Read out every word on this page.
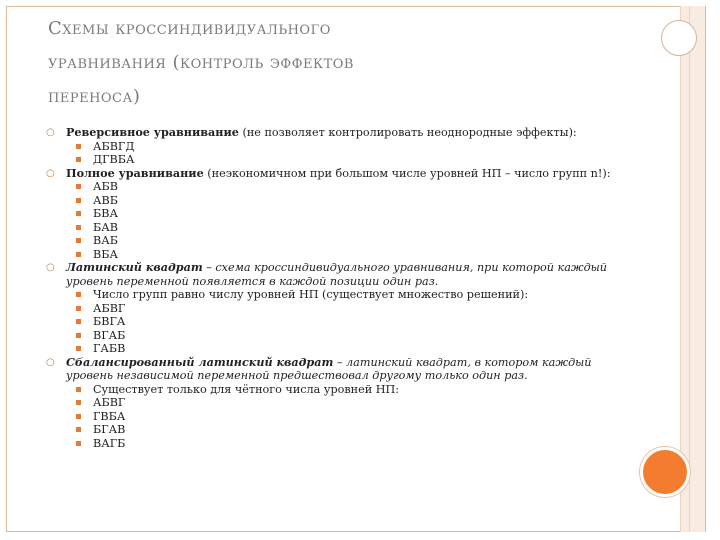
Схемы кроссиндивидуального
уравнивания (контроль эффектов
переноса)
○ Реверсивное уравнивание (не позволяет контролировать неоднородные эффекты):
АБВГД
ДГВБА
○ Полное уравнивание (неэкономичном при большом числе уровней НП – число групп n!):
АБВ
АВБ
БВА
БАВ
ВАБ
ВБА
○ Латинский квадрат – схема кроссиндивидуального уравнивания, при которой каждый уровень переменной появляется в каждой позиции один раз.
Число групп равно числу уровней НП (существует множество решений):
АБВГ
БВГА
ВГАБ
ГАБВ
○ Сбалансированный латинский квадрат – латинский квадрат, в котором каждый уровень независимой переменной предшествовал другому только один раз.
Существует только для чётного числа уровней НП:
АБВГ
ГВБА
БГАВ
ВАГБ
